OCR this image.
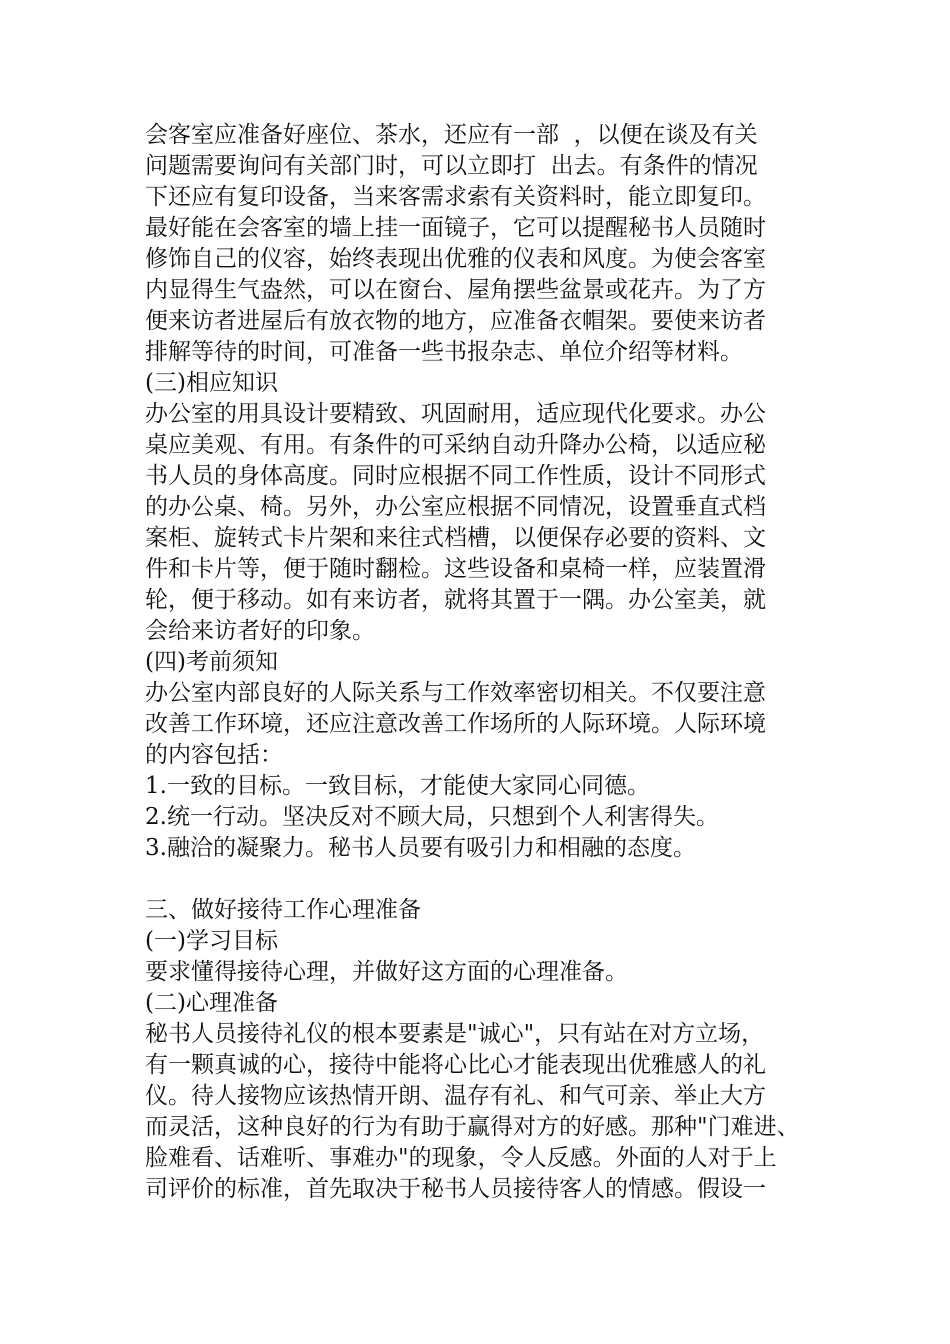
会客室应准备好座位、茶水，还应有一部  ，以便在谈及有关
问题需要询问有关部门时，可以立即打  出去。有条件的情况
下还应有复印设备，当来客需求索有关资料时，能立即复印。
最好能在会客室的墙上挂一面镜子，它可以提醒秘书人员随时
修饰自己的仪容，始终表现出优雅的仪表和风度。为使会客室
内显得生气盎然，可以在窗台、屋角摆些盆景或花卉。为了方
便来访者进屋后有放衣物的地方，应准备衣帽架。要使来访者
排解等待的时间，可准备一些书报杂志、单位介绍等材料。
(三)相应知识
办公室的用具设计要精致、巩固耐用，适应现代化要求。办公
桌应美观、有用。有条件的可采纳自动升降办公椅，以适应秘
书人员的身体高度。同时应根据不同工作性质，设计不同形式
的办公桌、椅。另外，办公室应根据不同情况，设置垂直式档
案柜、旋转式卡片架和来往式档槽，以便保存必要的资料、文
件和卡片等，便于随时翻检。这些设备和桌椅一样，应装置滑
轮，便于移动。如有来访者，就将其置于一隅。办公室美，就
会给来访者好的印象。
(四)考前须知
办公室内部良好的人际关系与工作效率密切相关。不仅要注意
改善工作环境，还应注意改善工作场所的人际环境。人际环境
的内容包括：
1.一致的目标。一致目标，才能使大家同心同德。
2.统一行动。坚决反对不顾大局，只想到个人利害得失。
3.融洽的凝聚力。秘书人员要有吸引力和相融的态度。
三、做好接待工作心理准备
(一)学习目标
要求懂得接待心理，并做好这方面的心理准备。
(二)心理准备
秘书人员接待礼仪的根本要素是"诚心"，只有站在对方立场，
有一颗真诚的心，接待中能将心比心才能表现出优雅感人的礼
仪。待人接物应该热情开朗、温存有礼、和气可亲、举止大方
而灵活，这种良好的行为有助于赢得对方的好感。那种"门难进、
脸难看、话难听、事难办"的现象，令人反感。外面的人对于上
司评价的标准，首先取决于秘书人员接待客人的情感。假设一
